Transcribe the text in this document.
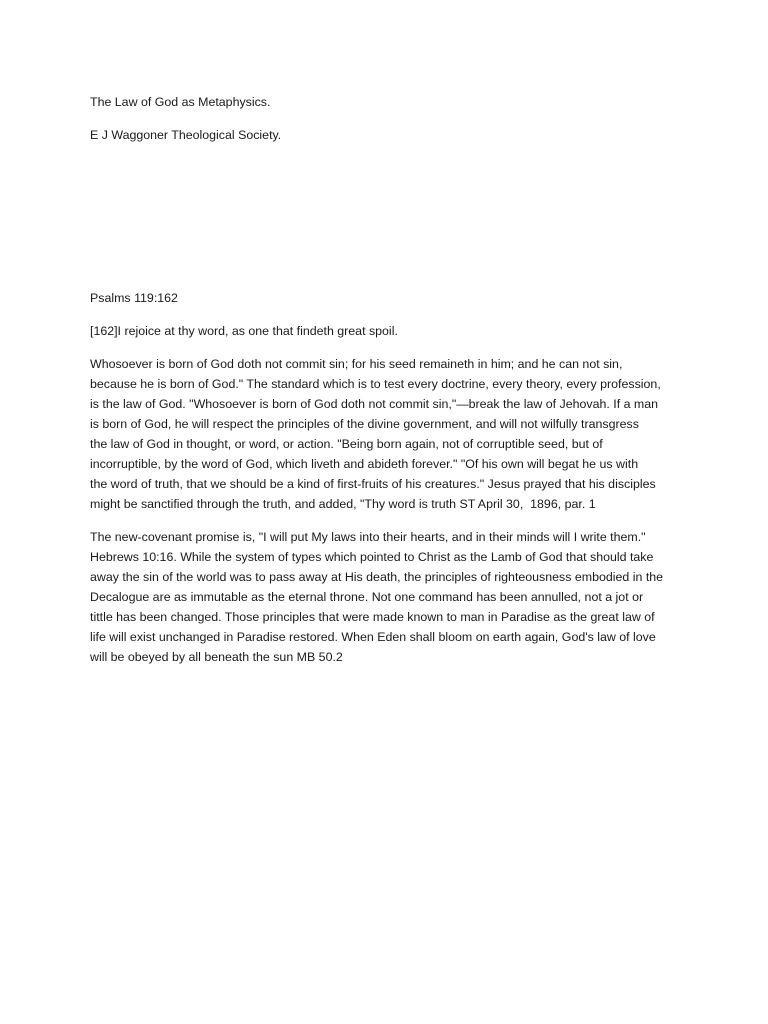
The Law of God as Metaphysics.

E J Waggoner Theological Society.

Psalms 119:162

[162]I rejoice at thy word, as one that findeth great spoil.

Whosoever is born of God doth not commit sin; for his seed remaineth in him; and he can not sin,

because he is born of God." The standard which is to test every doctrine, every theory, every profession,

is the law of God. "Whosoever is born of God doth not commit sin,"—break the law of Jehovah. If a man

is born of God, he will respect the principles of the divine government, and will not wilfully transgress

the law of God in thought, or word, or action. "Being born again, not of corruptible seed, but of

incorruptible, by the word of God, which liveth and abideth forever." "Of his own will begat he us with

the word of truth, that we should be a kind of first-fruits of his creatures." Jesus prayed that his disciples

might be sanctified through the truth, and added, "Thy word is truth ST April 30,  1896, par. 1

The new-covenant promise is, "I will put My laws into their hearts, and in their minds will I write them."

Hebrews 10:16. While the system of types which pointed to Christ as the Lamb of God that should take

away the sin of the world was to pass away at His death, the principles of righteousness embodied in the

Decalogue are as immutable as the eternal throne. Not one command has been annulled, not a jot or

tittle has been changed. Those principles that were made known to man in Paradise as the great law of

life will exist unchanged in Paradise restored. When Eden shall bloom on earth again, God's law of love

will be obeyed by all beneath the sun MB 50.2
